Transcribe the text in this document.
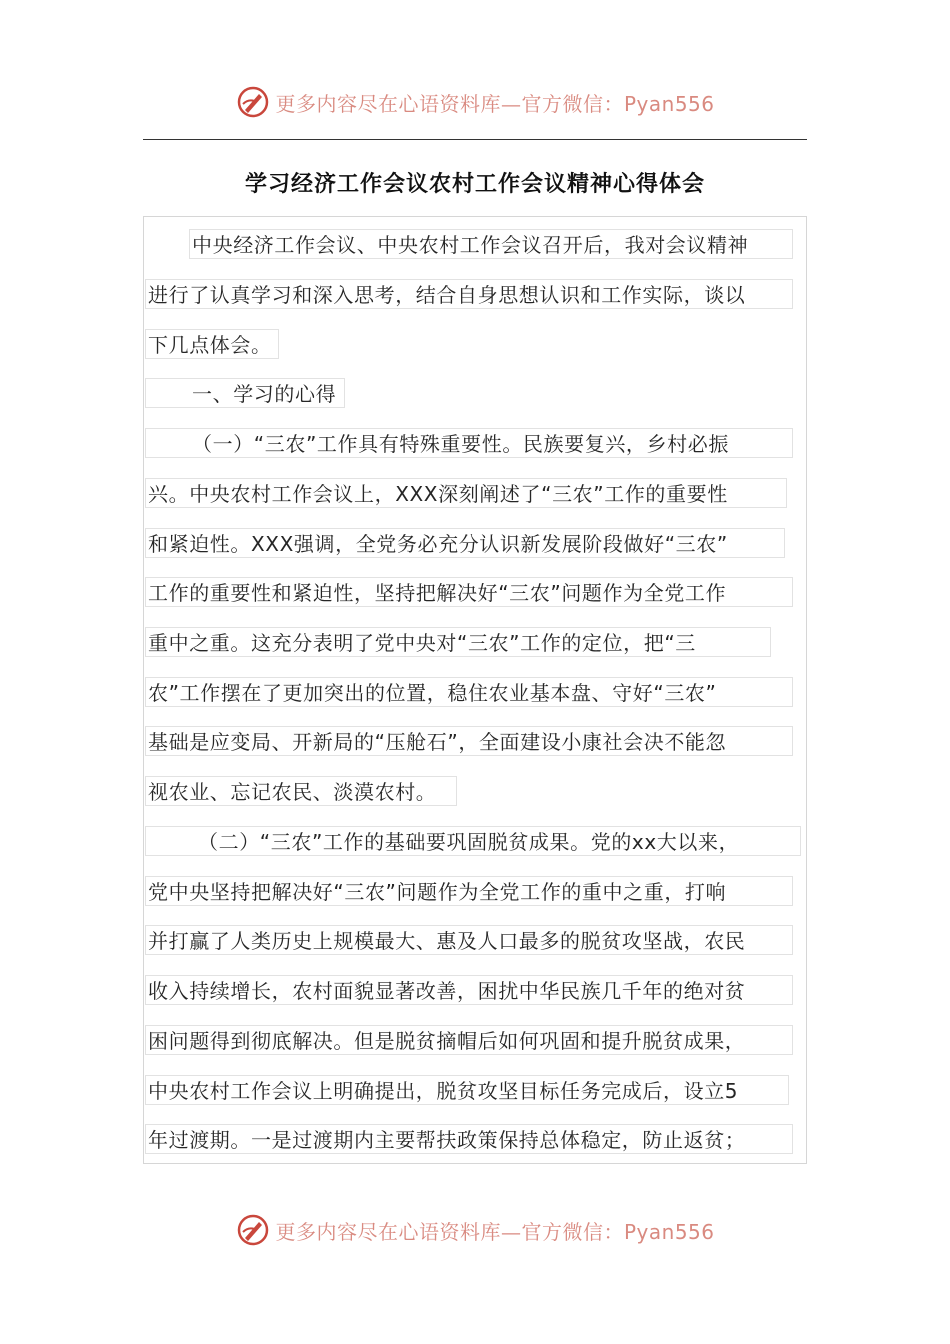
更多内容尽在心语资料库—官方微信：Pyan556
学习经济工作会议农村工作会议精神心得体会
中央经济工作会议、中央农村工作会议召开后，我对会议精神
进行了认真学习和深入思考，结合自身思想认识和工作实际，谈以
下几点体会。
一、学习的心得
（一）“三农”工作具有特殊重要性。民族要复兴，乡村必振
兴。中央农村工作会议上，XXX深刻阐述了“三农”工作的重要性
和紧迫性。XXX强调，全党务必充分认识新发展阶段做好“三农”
工作的重要性和紧迫性，坚持把解决好“三农”问题作为全党工作
重中之重。这充分表明了党中央对“三农”工作的定位，把“三
农”工作摆在了更加突出的位置，稳住农业基本盘、守好“三农”
基础是应变局、开新局的“压舱石”，全面建设小康社会决不能忽
视农业、忘记农民、淡漠农村。
（二）“三农”工作的基础要巩固脱贫成果。党的xx大以来，
党中央坚持把解决好“三农”问题作为全党工作的重中之重，打响
并打赢了人类历史上规模最大、惠及人口最多的脱贫攻坚战，农民
收入持续增长，农村面貌显著改善，困扰中华民族几千年的绝对贫
困问题得到彻底解决。但是脱贫摘帽后如何巩固和提升脱贫成果，
中央农村工作会议上明确提出，脱贫攻坚目标任务完成后，设立5
年过渡期。一是过渡期内主要帮扶政策保持总体稳定，防止返贫；
更多内容尽在心语资料库—官方微信：Pyan556
